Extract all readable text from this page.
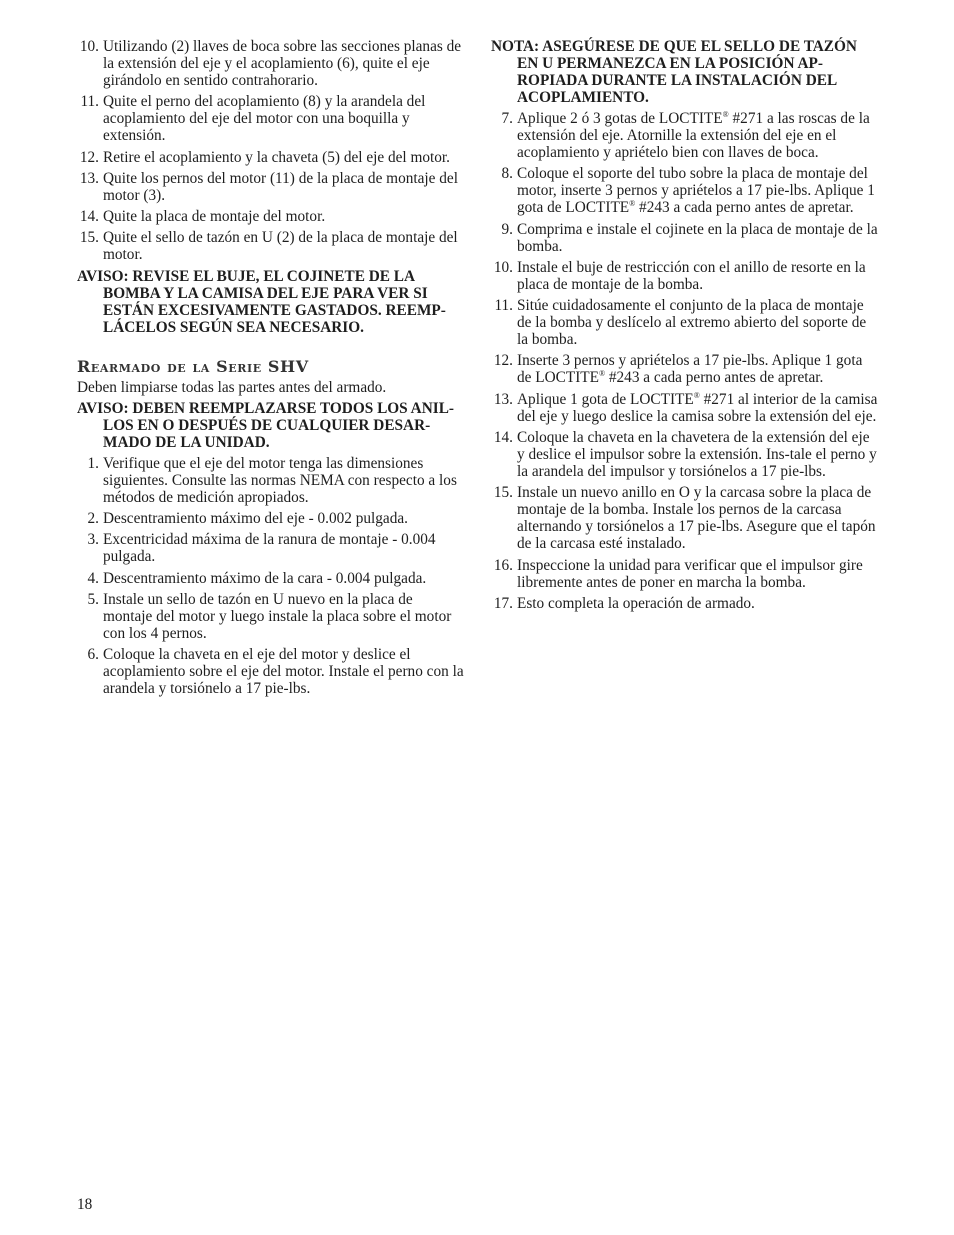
10. Utilizando (2) llaves de boca sobre las secciones planas de la extensión del eje y el acoplamiento (6), quite el eje girándolo en sentido contrahorario.
11. Quite el perno del acoplamiento (8) y la arandela del acoplamiento del eje del motor con una boquilla y extensión.
12. Retire el acoplamiento y la chaveta (5) del eje del motor.
13. Quite los pernos del motor (11) de la placa de montaje del motor (3).
14. Quite la placa de montaje del motor.
15. Quite el sello de tazón en U (2) de la placa de montaje del motor.
AVISO: REVISE EL BUJE, EL COJINETE DE LA BOMBA Y LA CAMISA DEL EJE PARA VER SI ESTÁN EXCESIVAMENTE GASTADOS. REEMP-LÁCELOS SEGÚN SEA NECESARIO.
Rearmado de la Serie SHV
Deben limpiarse todas las partes antes del armado.
AVISO: DEBEN REEMPLAZARSE TODOS LOS ANIL-LOS EN O DESPUÉS DE CUALQUIER DESAR-MADO DE LA UNIDAD.
1. Verifique que el eje del motor tenga las dimensiones siguientes. Consulte las normas NEMA con respecto a los métodos de medición apropiados.
2. Descentramiento máximo del eje - 0.002 pulgada.
3. Excentricidad máxima de la ranura de montaje - 0.004 pulgada.
4. Descentramiento máximo de la cara - 0.004 pulgada.
5. Instale un sello de tazón en U nuevo en la placa de montaje del motor y luego instale la placa sobre el motor con los 4 pernos.
6. Coloque la chaveta en el eje del motor y deslice el acoplamiento sobre el eje del motor. Instale el perno con la arandela y torsiónelo a 17 pie-lbs.
NOTA: ASEGÚRESE DE QUE EL SELLO DE TAZÓN EN U PERMANEZCA EN LA POSICIÓN AP-ROPIADA DURANTE LA INSTALACIÓN DEL ACOPLAMIENTO.
7. Aplique 2 ó 3 gotas de LOCTITE® #271 a las roscas de la extensión del eje. Atornille la extensión del eje en el acoplamiento y apriételo bien con llaves de boca.
8. Coloque el soporte del tubo sobre la placa de montaje del motor, inserte 3 pernos y apriételos a 17 pie-lbs. Aplique 1 gota de LOCTITE® #243 a cada perno antes de apretar.
9. Comprima e instale el cojinete en la placa de montaje de la bomba.
10. Instale el buje de restricción con el anillo de resorte en la placa de montaje de la bomba.
11. Sitúe cuidadosamente el conjunto de la placa de montaje de la bomba y deslícelo al extremo abierto del soporte de la bomba.
12. Inserte 3 pernos y apriételos a 17 pie-lbs. Aplique 1 gota de LOCTITE® #243 a cada perno antes de apretar.
13. Aplique 1 gota de LOCTITE® #271 al interior de la camisa del eje y luego deslice la camisa sobre la extensión del eje.
14. Coloque la chaveta en la chavetera de la extensión del eje y deslice el impulsor sobre la extensión. Ins-tale el perno y la arandela del impulsor y torsiónelos a 17 pie-lbs.
15. Instale un nuevo anillo en O y la carcasa sobre la placa de montaje de la bomba. Instale los pernos de la carcasa alternando y torsiónelos a 17 pie-lbs. Asegure que el tapón de la carcasa esté instalado.
16. Inspeccione la unidad para verificar que el impulsor gire libremente antes de poner en marcha la bomba.
17. Esto completa la operación de armado.
18
